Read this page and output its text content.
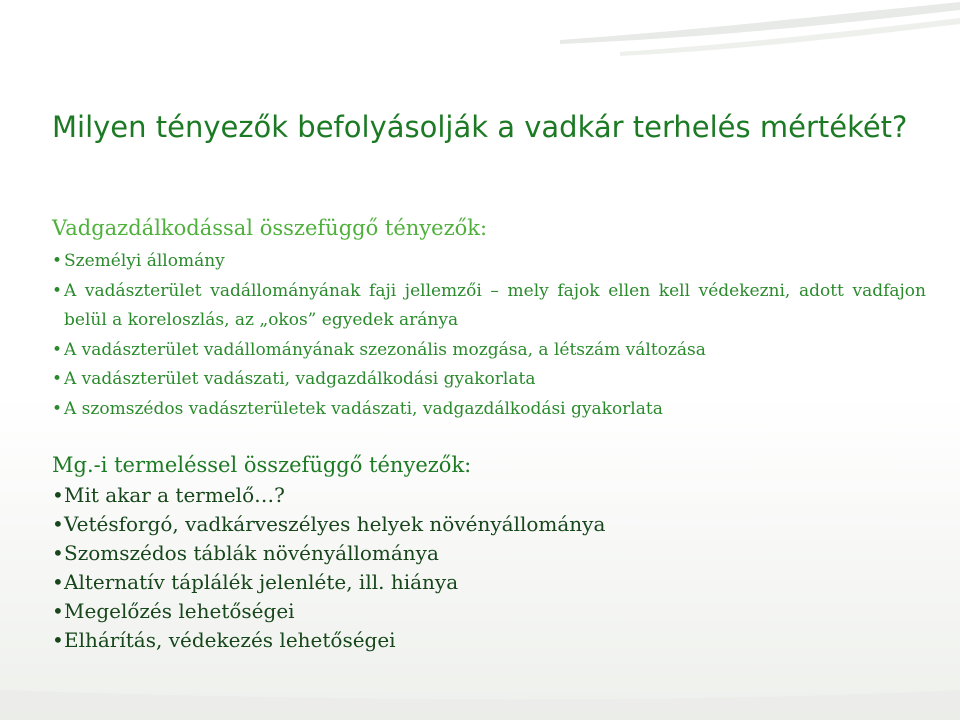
Milyen tényezők befolyásolják a vadkár terhelés mértékét?
Vadgazdálkodással összefüggő tényezők:
• Személyi állomány
• A vadászterület vadállományának faji jellemzői – mely fajok ellen kell védekezni, adott vadfajon belül a koreloszlás, az „okos” egyedek aránya
• A vadászterület vadállományának szezonális mozgása, a létszám változása
• A vadászterület vadászati, vadgazdálkodási gyakorlata
• A szomszédos vadászterületek vadászati, vadgazdálkodási gyakorlata
Mg.-i termeléssel összefüggő tényezők:
• Mit akar a termelő…?
• Vetésforgó, vadkárveszélyes helyek növényállománya
• Szomszédos táblák növényállománya
• Alternatív táplálék jelenléte, ill. hiánya
• Megelőzés lehetőségei
• Elhárítás, védekezés lehetőségei
